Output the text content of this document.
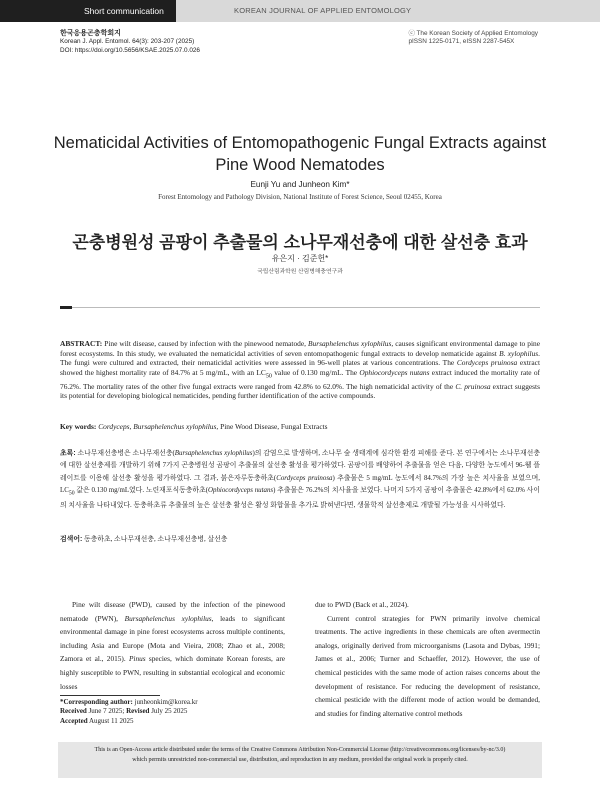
Short communication	KOREAN JOURNAL OF APPLIED ENTOMOLOGY
한국응용곤충학회지
Korean J. Appl. Entomol. 64(3): 203-207 (2025)
DOI: https://doi.org/10.5656/KSAE.2025.07.0.026
ⓒ The Korean Society of Applied Entomology
pISSN 1225-0171, eISSN 2287-545X
Nematicidal Activities of Entomopathogenic Fungal Extracts against Pine Wood Nematodes
Eunji Yu and Junheon Kim*
Forest Entomology and Pathology Division, National Institute of Forest Science, Seoul 02455, Korea
곤충병원성 곰팡이 추출물의 소나무재선충에 대한 살선충 효과
유은지 · 김준헌*
국립산림과학원 산림병해충연구과
ABSTRACT: Pine wilt disease, caused by infection with the pinewood nematode, Bursaphelenchus xylophilus, causes significant environmental damage to pine forest ecosystems. In this study, we evaluated the nematicidal activities of seven entomopathogenic fungal extracts to develop nematicide against B. xylophilus. The fungi were cultured and extracted, their nematicidal activities were assessed in 96-well plates at various concentrations. The Cordyceps pruinosa extract showed the highest mortality rate of 84.7% at 5 mg/mL, with an $LC_{50}$ value of 0.130 mg/mL. The Ophiocordyceps nutans extract induced the mortality rate of 76.2%. The mortality rates of the other five fungal extracts were ranged from 42.8% to 62.0%. The high nematicidal activity of the C. pruinosa extract suggests its potential for developing biological nematicides, pending further identification of the active compounds.
Key words: Cordyceps, Bursaphelenchus xylophilus, Pine Wood Disease, Fungal Extracts
초록: 소나무재선충병은 소나무재선충(Bursaphelenchus xylophilus)의 감염으로 발생하며, 소나무 숲 생태계에 심각한 환경 피해를 준다. 본 연구에서는 소나무재선충에 대한 살선충제를 개발하기 위해 7가지 곤충병원성 곰팡이 추출물의 살선충 활성을 평가하였다. 곰팡이를 배양하여 추출물을 얻은 다음, 다양한 농도에서 96-웰 플레이트를 이용해 살선충 활성을 평가하였다. 그 결과, 붉은자루동충하초(Cordyceps pruinosa) 추출물은 5 mg/mL 농도에서 84.7%의 가장 높은 치사율을 보였으며, $LC_{50}$ 값은 0.130 mg/mL였다. 노린재포식동충하초(Ophiocordyceps nutans) 추출물은 76.2%의 치사율을 보였다. 나머지 5가지 곰팡이 추출물은 42.8%에서 62.0% 사이의 치사율을 나타내었다. 동충하초류 추출물의 높은 살선충 활성은 활성 화합물을 추가로 밝혀낸다면, 생물학적 살선충제로 개발될 가능성을 시사하였다.
검색어: 동충하초, 소나무재선충, 소나무재선충병, 살선충

Pine wilt disease (PWD), caused by the infection of the pinewood nematode (PWN), Bursaphelenchus xylophilus, leads to significant environmental damage in pine forest ecosystems across multiple continents, including Asia and Europe (Mota and Vieira, 2008; Zhao et al., 2008; Zamora et al., 2015). Pinus species, which dominate Korean forests, are highly susceptible to PWN, resulting in substantial ecological and economic losses

due to PWD (Back et al., 2024).

Current control strategies for PWN primarily involve chemical treatments. The active ingredients in these chemicals are often avermectin analogs, originally derived from microorganisms (Lasota and Dybas, 1991; James et al., 2006; Turner and Schaeffer, 2012). However, the use of chemical pesticides with the same mode of action raises concerns about the development of resistance. For reducing the development of resistance, chemical pesticide with the different mode of action would be demanded, and studies for finding alternative control methods

*Corresponding author: junheonkim@korea.kr
Received June 7 2025; Revised July 25 2025
Accepted August 11 2025
This is an Open-Access article distributed under the terms of the Creative Commons Attribution Non-Commercial License (http://creativecommons.org/licenses/by-nc/3.0)
which permits unrestricted non-commercial use, distribution, and reproduction in any medium, provided the original work is properly cited.
